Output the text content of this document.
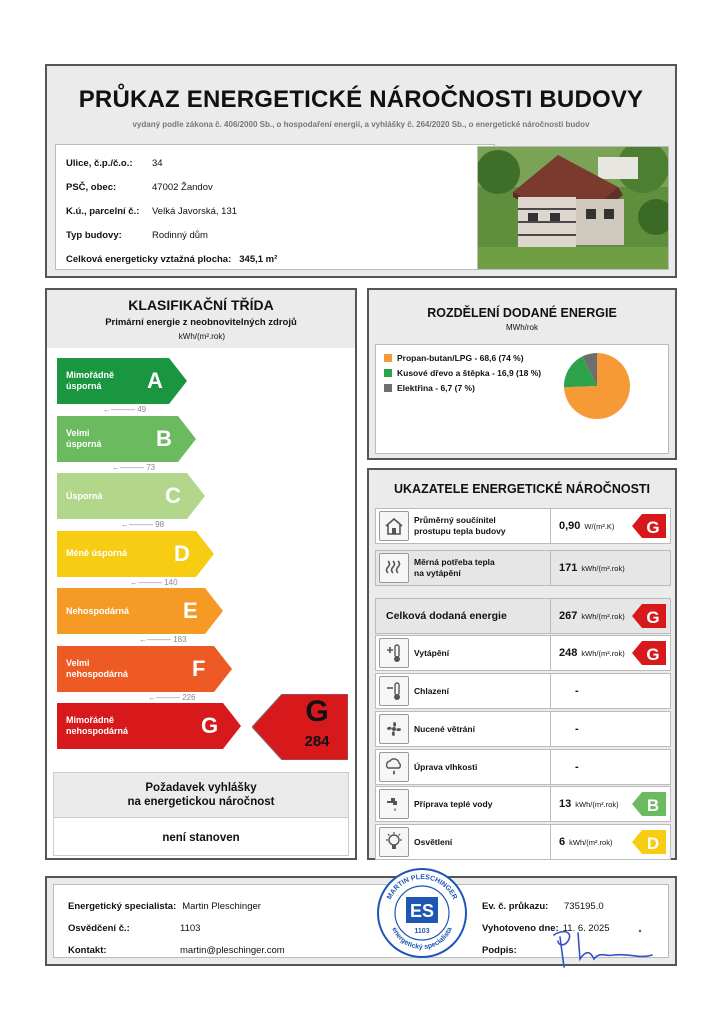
PRŮKAZ ENERGETICKÉ NÁROČNOSTI BUDOVY
vydaný podle zákona č. 406/2000 Sb., o hospodaření energií, a vyhlášky č. 264/2020 Sb., o energetické náročnosti budov
Ulice, č.p./č.o.:	34
PSČ, obec:	47002 Žandov
K.ú., parcelní č.:	Velká Javorská, 131
Typ budovy:	Rodinný dům
Celková energeticky vztažná plocha: 345,1 m²
KLASIFIKAČNÍ TŘÍDA
Primární energie z neobnovitelných zdrojů
kWh/(m².rok)
Mimořádně
úsporná	A
←——— 49
Velmi
úsporná B
←——— 73
Úsporná	C
←——— 98
Méně úsporná D
←——— 140
Nehospodárná E
←——— 183
Velmi
nehospodárná	F
←——— 226
Mimořádně
nehospodárná	G	G
284
Požadavek vyhlášky
na energetickou náročnost
není stanoven
ROZDĚLENÍ DODANÉ ENERGIE
MWh/rok
Propan-butan/LPG - 68,6 (74 %)
Kusové dřevo a štěpka - 16,9 (18 %)
Elektřina - 6,7 (7 %)
UKAZATELE ENERGETICKÉ NÁROČNOSTI
Průměrný součinitel
prostupu tepla budovy	0,90 W/(m².K) G
Měrná potřeba tepla
na vytápění	171 kWh/(m².rok)
Celková dodaná energie	267 kWh/(m².rok) G
Vytápění	248 kWh/(m².rok) G
Chlazení	-
Nucené větrání	-
Úprava vlhkosti	-
Příprava teplé vody	13 kWh/(m².rok) B
Osvětlení	6 kWh/(m².rok) D
Energetický specialista: Martin Pleschinger
Osvědčení č.:	1103
Kontakt:	martin@pleschinger.com
MARTIN PLESCHINGER
energetický specialista
ES
1103
Ev. č. průkazu:	735195.0
Vyhotoveno dne: 11. 6. 2025
Podpis:
